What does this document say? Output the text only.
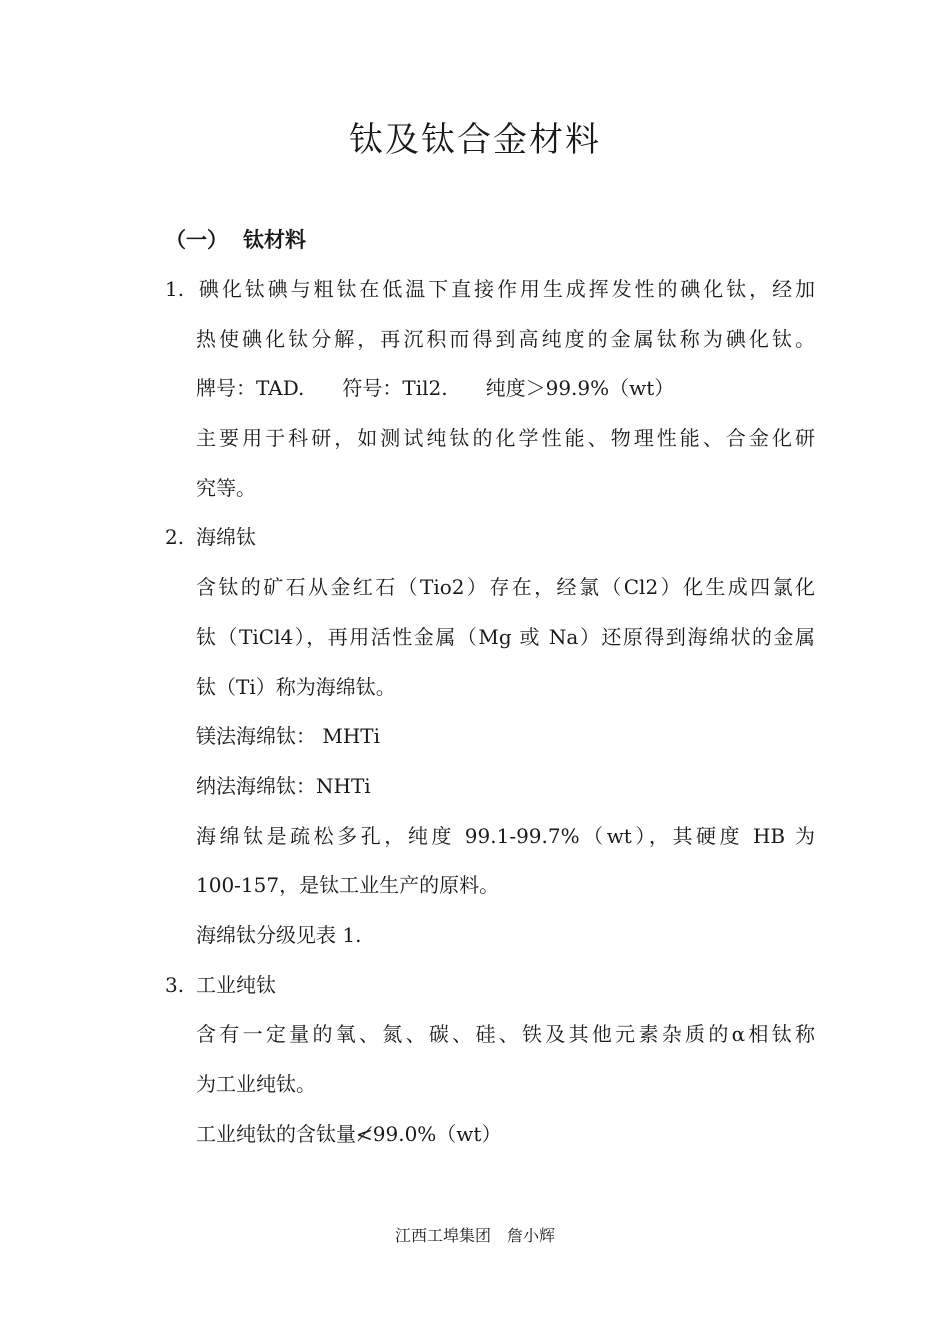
钛及钛合金材料
（一） 钛材料
1. 碘化钛碘与粗钛在低温下直接作用生成挥发性的碘化钛，经加
热使碘化钛分解，再沉积而得到高纯度的金属钛称为碘化钛。
牌号：TAD. 符号：Til2. 纯度＞99.9%（wt）
主要用于科研，如测试纯钛的化学性能、物理性能、合金化研
究等。
2. 海绵钛
含钛的矿石从金红石（Tio2）存在，经氯（Cl2）化生成四氯化
钛（TiCl4），再用活性金属（Mg 或 Na）还原得到海绵状的金属
钛（Ti）称为海绵钛。
镁法海绵钛： MHTi
纳法海绵钛：NHTi
海绵钛是疏松多孔，纯度 99.1-99.7%（wt），其硬度 HB 为
100-157，是钛工业生产的原料。
海绵钛分级见表 1.
3. 工业纯钛
含有一定量的氧、氮、碳、硅、铁及其他元素杂质的α相钛称
为工业纯钛。
工业纯钛的含钛量≮99.0%（wt）
江西工埠集团 詹小辉
